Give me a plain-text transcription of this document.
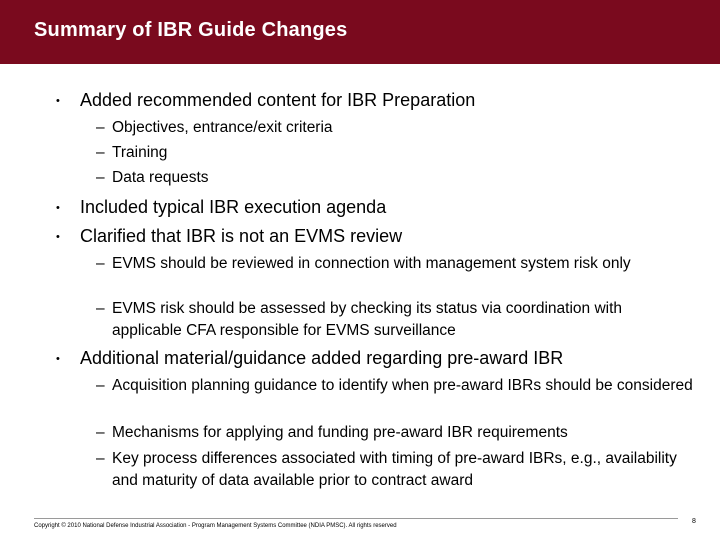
Summary of IBR Guide Changes
• Added recommended content for IBR Preparation
– Objectives, entrance/exit criteria
– Training
– Data requests
• Included typical IBR execution agenda
• Clarified that IBR is not an EVMS review
– EVMS should be reviewed in connection with management system risk only
– EVMS risk should be assessed by checking its status via coordination with applicable CFA responsible for EVMS surveillance
• Additional material/guidance added regarding pre-award IBR
– Acquisition planning guidance to identify when pre-award IBRs should be considered
– Mechanisms for applying and funding pre-award IBR requirements
– Key process differences associated with timing of pre-award IBRs, e.g., availability and maturity of data available prior to contract award
Copyright © 2010 National Defense Industrial Association - Program Management Systems Committee (NDIA PMSC). All rights reserved
8
